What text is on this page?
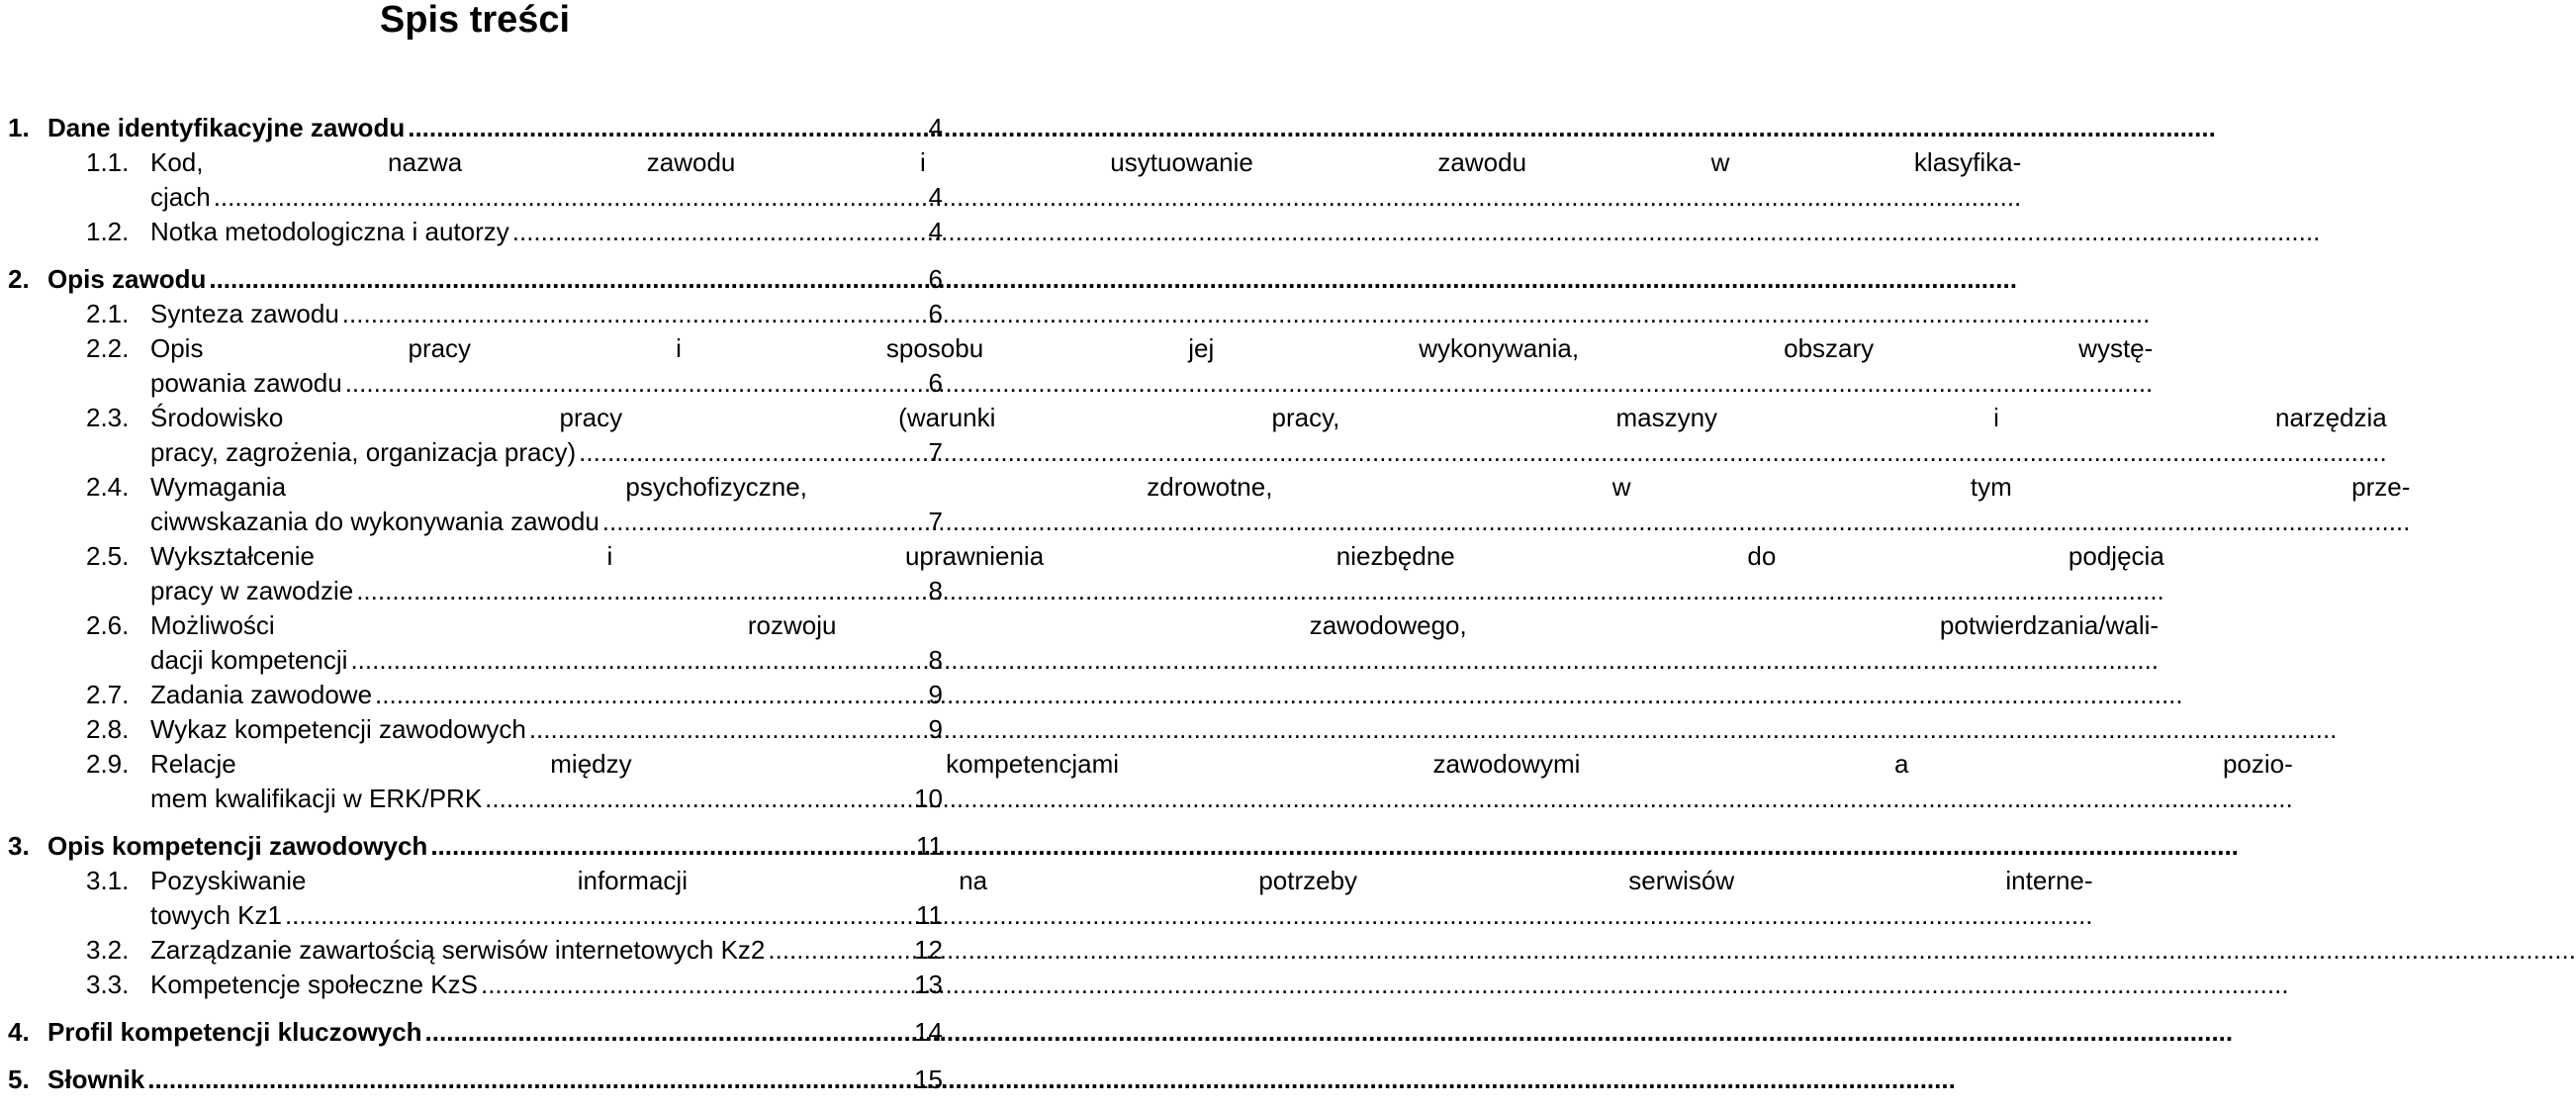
Spis treści
1. Dane identyfikacyjne zawodu .....	4
1.1. Kod, nazwa zawodu i usytuowanie zawodu w klasyfika-
cjach .....	4
1.2. Notka metodologiczna i autorzy .....	4
2. Opis zawodu .....	6
2.1. Synteza zawodu .....	6
2.2. Opis pracy i sposobu jej wykonywania, obszary wystę-
powania zawodu .....	6
2.3. Środowisko pracy (warunki pracy, maszyny i narzędzia
pracy, zagrożenia, organizacja pracy) .....	7
2.4. Wymagania psychofizyczne, zdrowotne, w tym prze-
ciwwskazania do wykonywania zawodu .....	7
2.5. Wykształcenie i uprawnienia niezbędne do podjęcia
pracy w zawodzie .....	8
2.6. Możliwości rozwoju zawodowego, potwierdzania/wali-
dacji kompetencji .....	8
2.7. Zadania zawodowe .....	9
2.8. Wykaz kompetencji zawodowych .....	9
2.9. Relacje między kompetencjami zawodowymi a pozio-
mem kwalifikacji w ERK/PRK .....	10
3. Opis kompetencji zawodowych .....	11
3.1. Pozyskiwanie informacji na potrzeby serwisów interne-
towych Kz1 .....	11
3.2. Zarządzanie zawartością serwisów internetowych Kz2 .....	12
3.3. Kompetencje społeczne KzS .....	13
4. Profil kompetencji kluczowych .....	14
5. Słownik .....	15
